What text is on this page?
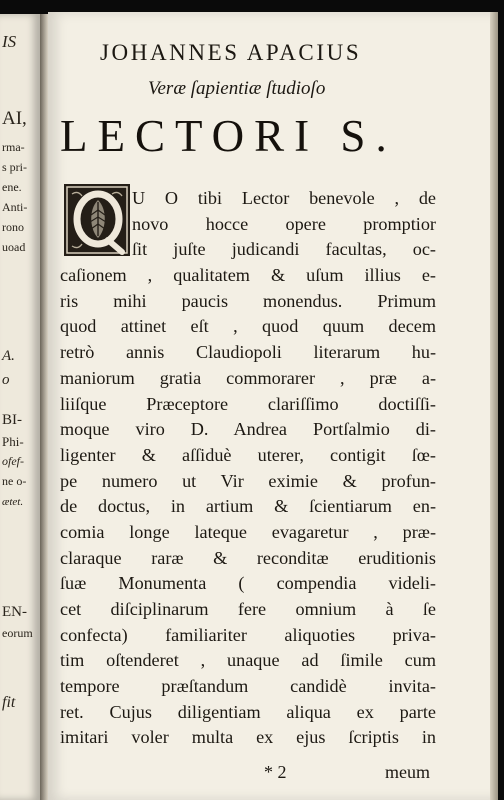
IS
AI,
rma-
s pri-
ene.
Anti-
rono
uoad
A.
o
BI-
Phi-
ofef-
ne o-
ætet.
EN-
eorum
fit
JOHANNES APACIUS
Veræ ſapientiæ ſtudioſo
LECTORI S.
U O tibi Lector benevole , de
novo hocce opere promptior
ſit juſte judicandi facultas, oc-
caſionem , qualitatem & uſum illius e-
ris mihi paucis monendus. Primum
quod attinet eſt , quod quum decem
retrò annis Claudiopoli literarum hu-
maniorum gratia commorarer , præ a-
liiſque Præceptore clariſſimo doctiſſi-
moque viro D. Andrea Portſalmio di-
ligenter & aſſiduè uterer, contigit ſœ-
pe numero ut Vir eximie & profun-
de doctus, in artium & ſcientiarum en-
comia longe lateque evagaretur , præ-
claraque raræ & reconditæ eruditionis
ſuæ Monumenta ( compendia videli-
cet diſciplinarum fere omnium à ſe
confecta) familiariter aliquoties priva-
tim oſtenderet , unaque ad ſimile cum
tempore præſtandum candidè invita-
ret. Cujus diligentiam aliqua ex parte
imitari voler multa ex ejus ſcriptis in
* 2	meum
